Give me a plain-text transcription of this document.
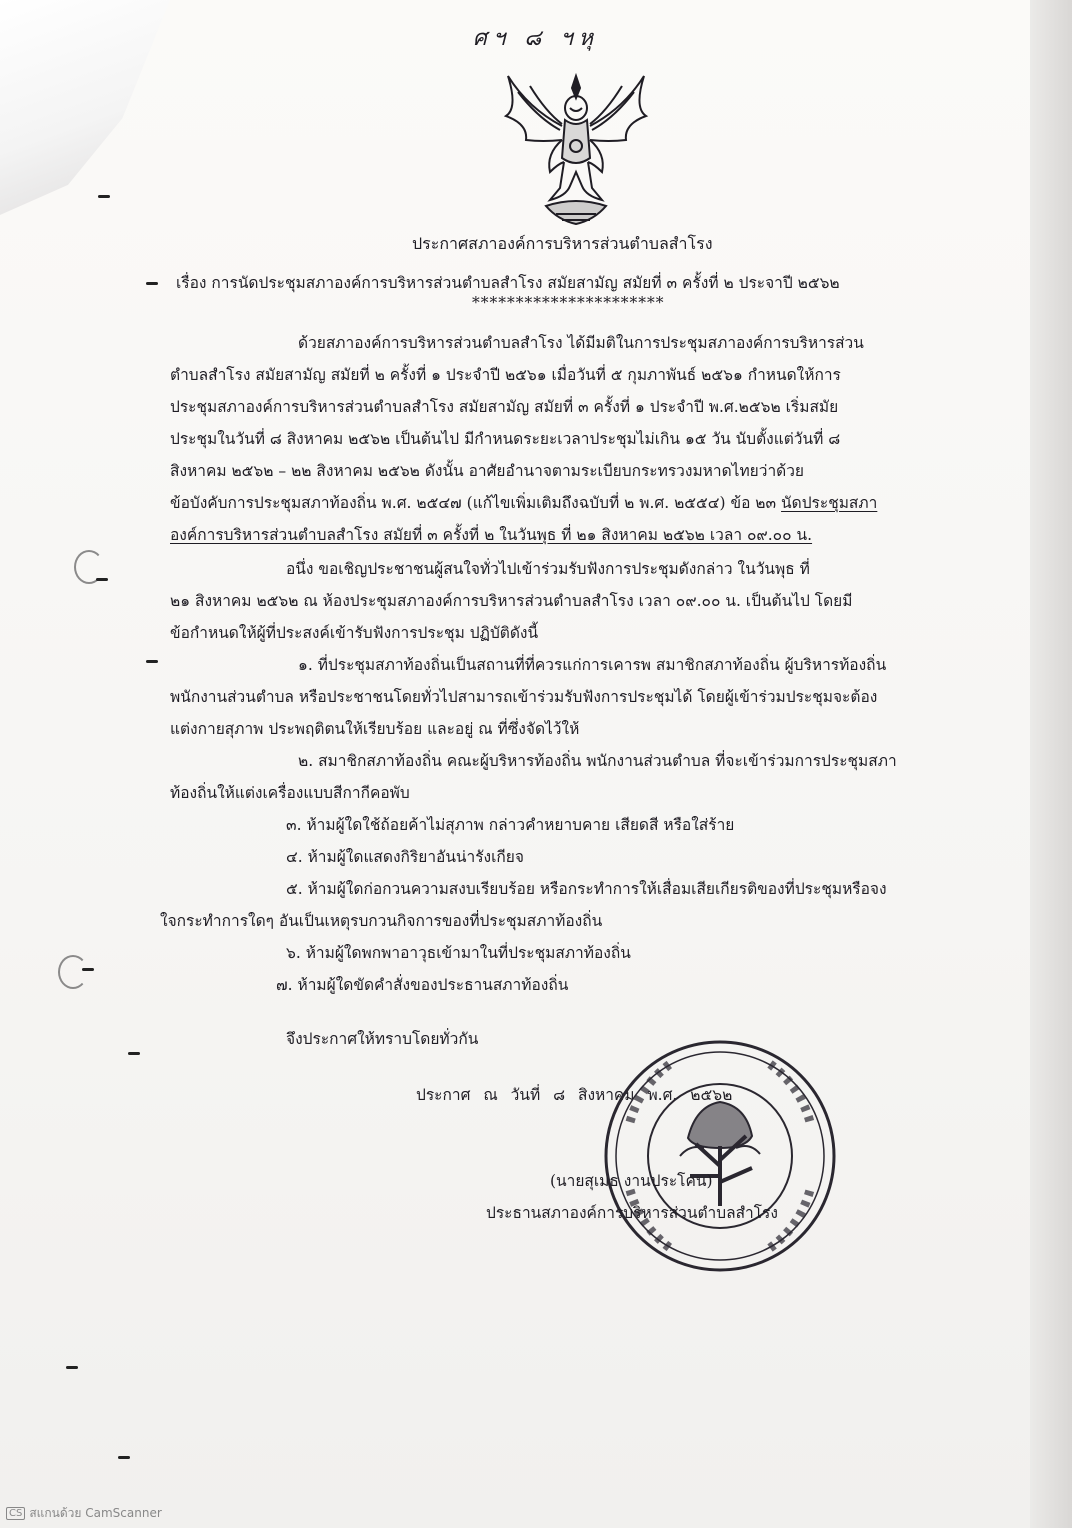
ศฯ ๘ ฯหุ
ประกาศสภาองค์การบริหารส่วนตำบลสำโรง
เรื่อง การนัดประชุมสภาองค์การบริหารส่วนตำบลสำโรง สมัยสามัญ สมัยที่ ๓ ครั้งที่ ๒ ประจาปี ๒๕๖๒
**********************
ด้วยสภาองค์การบริหารส่วนตำบลสำโรง ได้มีมติในการประชุมสภาองค์การบริหารส่วน
ตำบลสำโรง สมัยสามัญ สมัยที่ ๒ ครั้งที่ ๑ ประจำปี ๒๕๖๑ เมื่อวันที่ ๕ กุมภาพันธ์ ๒๕๖๑ กำหนดให้การ
ประชุมสภาองค์การบริหารส่วนตำบลสำโรง สมัยสามัญ สมัยที่ ๓ ครั้งที่ ๑ ประจำปี พ.ศ.๒๕๖๒ เริ่มสมัย
ประชุมในวันที่ ๘ สิงหาคม ๒๕๖๒ เป็นต้นไป มีกำหนดระยะเวลาประชุมไม่เกิน ๑๕ วัน นับตั้งแต่วันที่ ๘
สิงหาคม ๒๕๖๒ – ๒๒ สิงหาคม ๒๕๖๒ ดังนั้น อาศัยอำนาจตามระเบียบกระทรวงมหาดไทยว่าด้วย
ข้อบังคับการประชุมสภาท้องถิ่น พ.ศ. ๒๕๔๗ (แก้ไขเพิ่มเติมถึงฉบับที่ ๒ พ.ศ. ๒๕๕๔) ข้อ ๒๓ นัดประชุมสภา
องค์การบริหารส่วนตำบลสำโรง สมัยที่ ๓ ครั้งที่ ๒ ในวันพุธ ที่ ๒๑ สิงหาคม ๒๕๖๒ เวลา ๐๙.๐๐ น.
อนึ่ง ขอเชิญประชาชนผู้สนใจทั่วไปเข้าร่วมรับฟังการประชุมดังกล่าว ในวันพุธ ที่
๒๑ สิงหาคม ๒๕๖๒ ณ ห้องประชุมสภาองค์การบริหารส่วนตำบลสำโรง เวลา ๐๙.๐๐ น. เป็นต้นไป โดยมี
ข้อกำหนดให้ผู้ที่ประสงค์เข้ารับฟังการประชุม ปฏิบัติดังนี้
๑. ที่ประชุมสภาท้องถิ่นเป็นสถานที่ที่ควรแก่การเคารพ สมาชิกสภาท้องถิ่น ผู้บริหารท้องถิ่น
พนักงานส่วนตำบล หรือประชาชนโดยทั่วไปสามารถเข้าร่วมรับฟังการประชุมได้ โดยผู้เข้าร่วมประชุมจะต้อง
แต่งกายสุภาพ ประพฤติตนให้เรียบร้อย และอยู่ ณ ที่ซึ่งจัดไว้ให้
๒. สมาชิกสภาท้องถิ่น คณะผู้บริหารท้องถิ่น พนักงานส่วนตำบล ที่จะเข้าร่วมการประชุมสภา
ท้องถิ่นให้แต่งเครื่องแบบสีกากีคอพับ
๓. ห้ามผู้ใดใช้ถ้อยค้าไม่สุภาพ กล่าวคำหยาบคาย เสียดสี หรือใส่ร้าย
๔. ห้ามผู้ใดแสดงกิริยาอันน่ารังเกียจ
๕. ห้ามผู้ใดก่อกวนความสงบเรียบร้อย หรือกระทำการให้เสื่อมเสียเกียรติของที่ประชุมหรือจง
ใจกระทำการใดๆ อันเป็นเหตุรบกวนกิจการของที่ประชุมสภาท้องถิ่น
๖. ห้ามผู้ใดพกพาอาวุธเข้ามาในที่ประชุมสภาท้องถิ่น
๗. ห้ามผู้ใดขัดคำสั่งของประธานสภาท้องถิ่น
จึงประกาศให้ทราบโดยทั่วกัน
ประกาศ ณ วันที่ ๘ สิงหาคม พ.ศ. ๒๕๖๒
(นายสุเมธ งานประโคน)
ประธานสภาองค์การบริหารส่วนตำบลสำโรง
CS สแกนด้วย CamScanner
